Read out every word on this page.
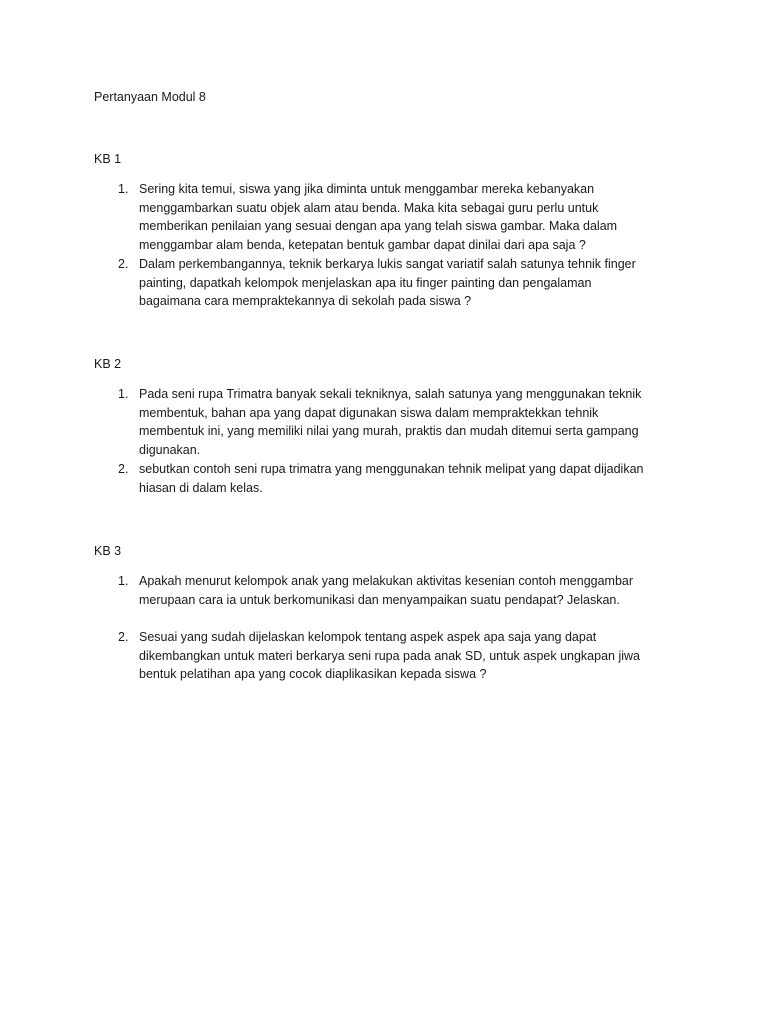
Pertanyaan Modul 8
KB 1
1. Sering kita temui, siswa yang jika diminta untuk menggambar mereka kebanyakan
menggambarkan suatu objek alam atau benda. Maka kita sebagai guru perlu untuk
memberikan penilaian yang sesuai dengan apa yang telah siswa gambar. Maka dalam
menggambar alam benda, ketepatan bentuk gambar dapat dinilai dari apa saja ?
2. Dalam perkembangannya, teknik berkarya lukis sangat variatif salah satunya tehnik finger
painting, dapatkah kelompok menjelaskan apa itu finger painting dan pengalaman
bagaimana cara mempraktekannya di sekolah pada siswa ?
KB 2
1. Pada seni rupa Trimatra banyak sekali tekniknya, salah satunya yang menggunakan teknik
membentuk, bahan apa yang dapat digunakan siswa dalam mempraktekkan tehnik
membentuk ini, yang memiliki nilai yang murah, praktis dan mudah ditemui serta gampang
digunakan.
2. sebutkan contoh seni rupa trimatra yang menggunakan tehnik melipat yang dapat dijadikan
hiasan di dalam kelas.
KB 3
1. Apakah menurut kelompok anak yang melakukan aktivitas kesenian contoh menggambar
merupaan cara ia untuk berkomunikasi dan menyampaikan suatu pendapat? Jelaskan.
2. Sesuai yang sudah dijelaskan kelompok tentang aspek aspek apa saja yang dapat
dikembangkan untuk materi berkarya seni rupa pada anak SD, untuk aspek ungkapan jiwa
bentuk pelatihan apa yang cocok diaplikasikan kepada siswa ?
